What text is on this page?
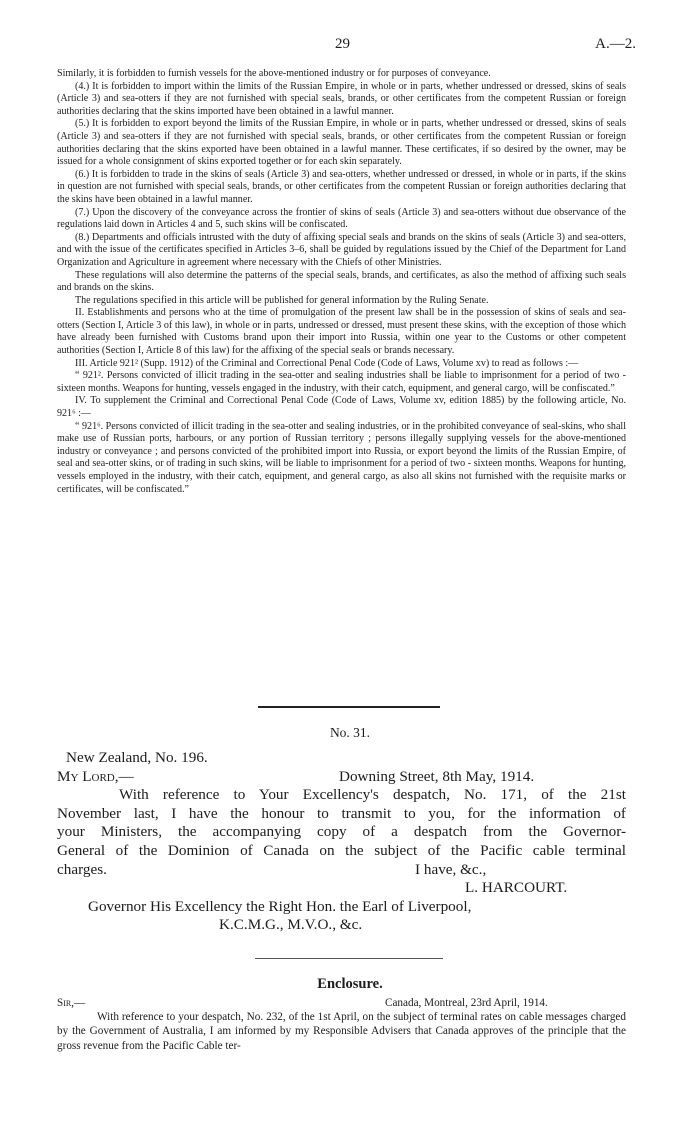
29	A.—2.

Similarly, it is forbidden to furnish vessels for the above-mentioned industry or for purposes of conveyance.

(4.) It is forbidden to import within the limits of the Russian Empire, in whole or in parts, whether undressed or dressed, skins of seals (Article 3) and sea-otters if they are not furnished with special seals, brands, or other certificates from the competent Russian or foreign authorities declaring that the skins imported have been obtained in a lawful manner.

(5.) It is forbidden to export beyond the limits of the Russian Empire, in whole or in parts, whether undressed or dressed, skins of seals (Article 3) and sea-otters if they are not furnished with special seals, brands, or other certificates from the competent Russian or foreign authorities declaring that the skins exported have been obtained in a lawful manner. These certificates, if so desired by the owner, may be issued for a whole consignment of skins exported together or for each skin separately.

(6.) It is forbidden to trade in the skins of seals (Article 3) and sea-otters, whether undressed or dressed, in whole or in parts, if the skins in question are not furnished with special seals, brands, or other certificates from the competent Russian or foreign authorities declaring that the skins have been obtained in a lawful manner.

(7.) Upon the discovery of the conveyance across the frontier of skins of seals (Article 3) and sea-otters without due observance of the regulations laid down in Articles 4 and 5, such skins will be confiscated.

(8.) Departments and officials intrusted with the duty of affixing special seals and brands on the skins of seals (Article 3) and sea-otters, and with the issue of the certificates specified in Articles 3–6, shall be guided by regulations issued by the Chief of the Department for Land Organization and Agriculture in agreement where necessary with the Chiefs of other Ministries.

These regulations will also determine the patterns of the special seals, brands, and certificates, as also the method of affixing such seals and brands on the skins.

The regulations specified in this article will be published for general information by the Ruling Senate.

II. Establishments and persons who at the time of promulgation of the present law shall be in the possession of skins of seals and sea-otters (Section I, Article 3 of this law), in whole or in parts, undressed or dressed, must present these skins, with the exception of those which have already been furnished with Customs brand upon their import into Russia, within one year to the Customs or other competent authorities (Section I, Article 8 of this law) for the affixing of the special seals or brands necessary.

III. Article 921² (Supp. 1912) of the Criminal and Correctional Penal Code (Code of Laws, Volume xv) to read as follows :—

“ 921². Persons convicted of illicit trading in the sea-otter and sealing industries shall be liable to imprisonment for a period of two - sixteen months. Weapons for hunting, vessels engaged in the industry, with their catch, equipment, and general cargo, will be confiscated.”

IV. To supplement the Criminal and Correctional Penal Code (Code of Laws, Volume xv, edition 1885) by the following article, No. 921⁶ :—

“ 921⁶. Persons convicted of illicit trading in the sea-otter and sealing industries, or in the prohibited conveyance of seal-skins, who shall make use of Russian ports, harbours, or any portion of Russian territory ; persons illegally supplying vessels for the above-mentioned industry or conveyance ; and persons convicted of the prohibited import into Russia, or export beyond the limits of the Russian Empire, of seal and sea-otter skins, or of trading in such skins, will be liable to imprisonment for a period of two - sixteen months. Weapons for hunting, vessels employed in the industry, with their catch, equipment, and general cargo, as also all skins not furnished with the requisite marks or certificates, will be confiscated.”

No. 31.
New Zealand, No. 196.
My Lord,—	Downing Street, 8th May, 1914.
With reference to Your Excellency's despatch, No. 171, of the 21st
November last, I have the honour to transmit to you, for the information of
your Ministers, the accompanying copy of a despatch from the Governor-
General of the Dominion of Canada on the subject of the Pacific cable terminal
charges.	I have, &c.,
L. HARCOURT.
Governor His Excellency the Right Hon. the Earl of Liverpool,
K.C.M.G., M.V.O., &c.
Enclosure.
Sir,—	Canada, Montreal, 23rd April, 1914.

With reference to your despatch, No. 232, of the 1st April, on the subject of terminal rates on cable messages charged by the Government of Australia, I am informed by my Responsible Advisers that Canada approves of the principle that the gross revenue from the Pacific Cable ter-
